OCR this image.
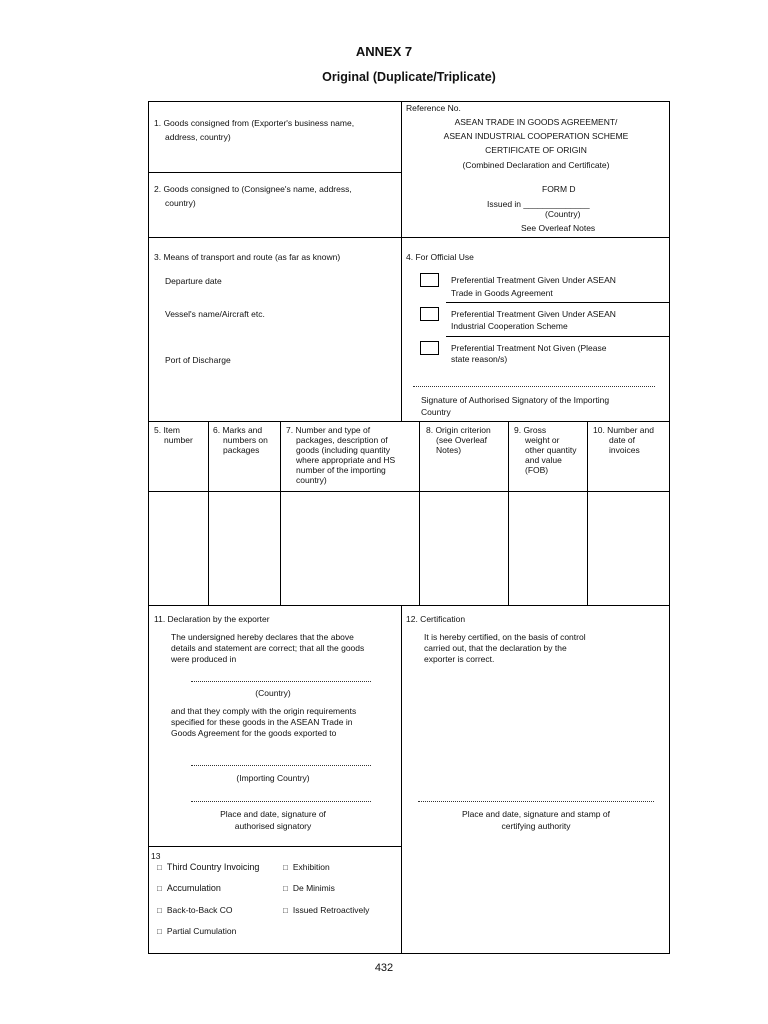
ANNEX 7
Original (Duplicate/Triplicate)
1. Goods consigned from (Exporter's business name,
address, country)
2. Goods consigned to (Consignee's name, address,
country)
Reference No.
ASEAN TRADE IN GOODS AGREEMENT/
ASEAN INDUSTRIAL COOPERATION SCHEME
CERTIFICATE OF ORIGIN
(Combined Declaration and Certificate)
FORM D
Issued in ______________
(Country)
See Overleaf Notes
3. Means of transport and route (as far as known)
Departure date
Vessel's name/Aircraft etc.
Port of Discharge
4. For Official Use
Preferential Treatment Given Under ASEAN
Trade in Goods Agreement
Preferential Treatment Given Under ASEAN
Industrial Cooperation Scheme
Preferential Treatment Not Given (Please
state reason/s)
Signature of Authorised Signatory of the Importing
Country
5. Item
number
6. Marks and
numbers on
packages
7. Number and type of
packages, description of
goods (including quantity
where appropriate and HS
number of the importing
country)
8. Origin criterion
(see Overleaf
Notes)
9. Gross
weight or
other quantity
and value
(FOB)
10. Number and
date of
invoices
11. Declaration by the exporter
The undersigned hereby declares that the above
details and statement are correct; that all the goods
were produced in
(Country)
and that they comply with the origin requirements
specified for these goods in the ASEAN Trade in
Goods Agreement for the goods exported to
(Importing Country)
Place and date, signature of
authorised signatory
12. Certification
It is hereby certified, on the basis of control
carried out, that the declaration by the
exporter is correct.
Place and date, signature and stamp of
certifying authority
13
□ Third Country Invoicing	□ Exhibition
□ Accumulation	□ De Minimis
□ Back-to-Back CO	□ Issued Retroactively
□ Partial Cumulation
432
